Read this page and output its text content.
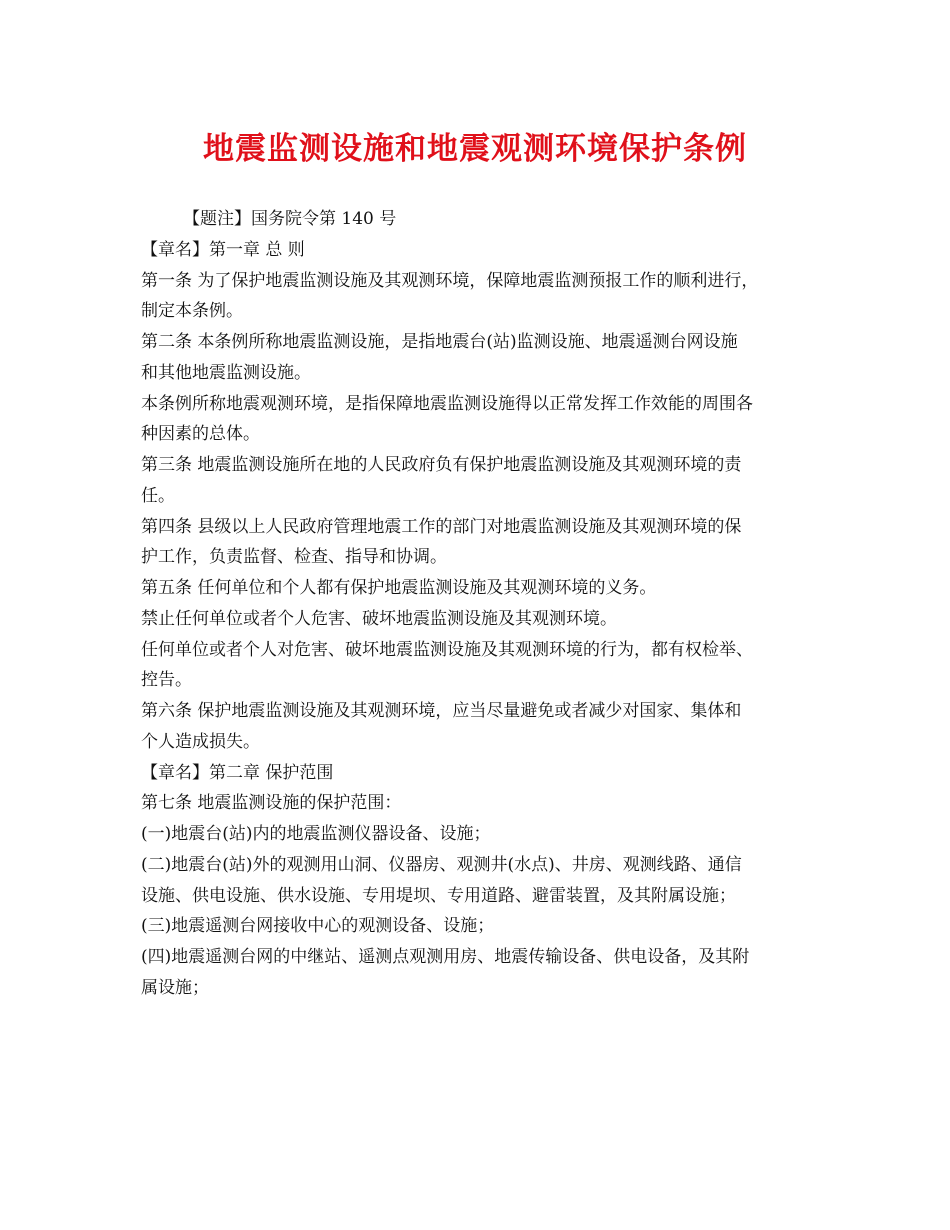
地震监测设施和地震观测环境保护条例
【题注】国务院令第 140 号
【章名】第一章 总 则
第一条 为了保护地震监测设施及其观测环境，保障地震监测预报工作的顺利进行，
制定本条例。
第二条 本条例所称地震监测设施，是指地震台(站)监测设施、地震遥测台网设施
和其他地震监测设施。
本条例所称地震观测环境，是指保障地震监测设施得以正常发挥工作效能的周围各
种因素的总体。
第三条 地震监测设施所在地的人民政府负有保护地震监测设施及其观测环境的责
任。
第四条 县级以上人民政府管理地震工作的部门对地震监测设施及其观测环境的保
护工作，负责监督、检查、指导和协调。
第五条 任何单位和个人都有保护地震监测设施及其观测环境的义务。
禁止任何单位或者个人危害、破坏地震监测设施及其观测环境。
任何单位或者个人对危害、破坏地震监测设施及其观测环境的行为，都有权检举、
控告。
第六条 保护地震监测设施及其观测环境，应当尽量避免或者减少对国家、集体和
个人造成损失。
【章名】第二章 保护范围
第七条 地震监测设施的保护范围：
(一)地震台(站)内的地震监测仪器设备、设施；
(二)地震台(站)外的观测用山洞、仪器房、观测井(水点)、井房、观测线路、通信
设施、供电设施、供水设施、专用堤坝、专用道路、避雷装置，及其附属设施；
(三)地震遥测台网接收中心的观测设备、设施；
(四)地震遥测台网的中继站、遥测点观测用房、地震传输设备、供电设备，及其附
属设施；
